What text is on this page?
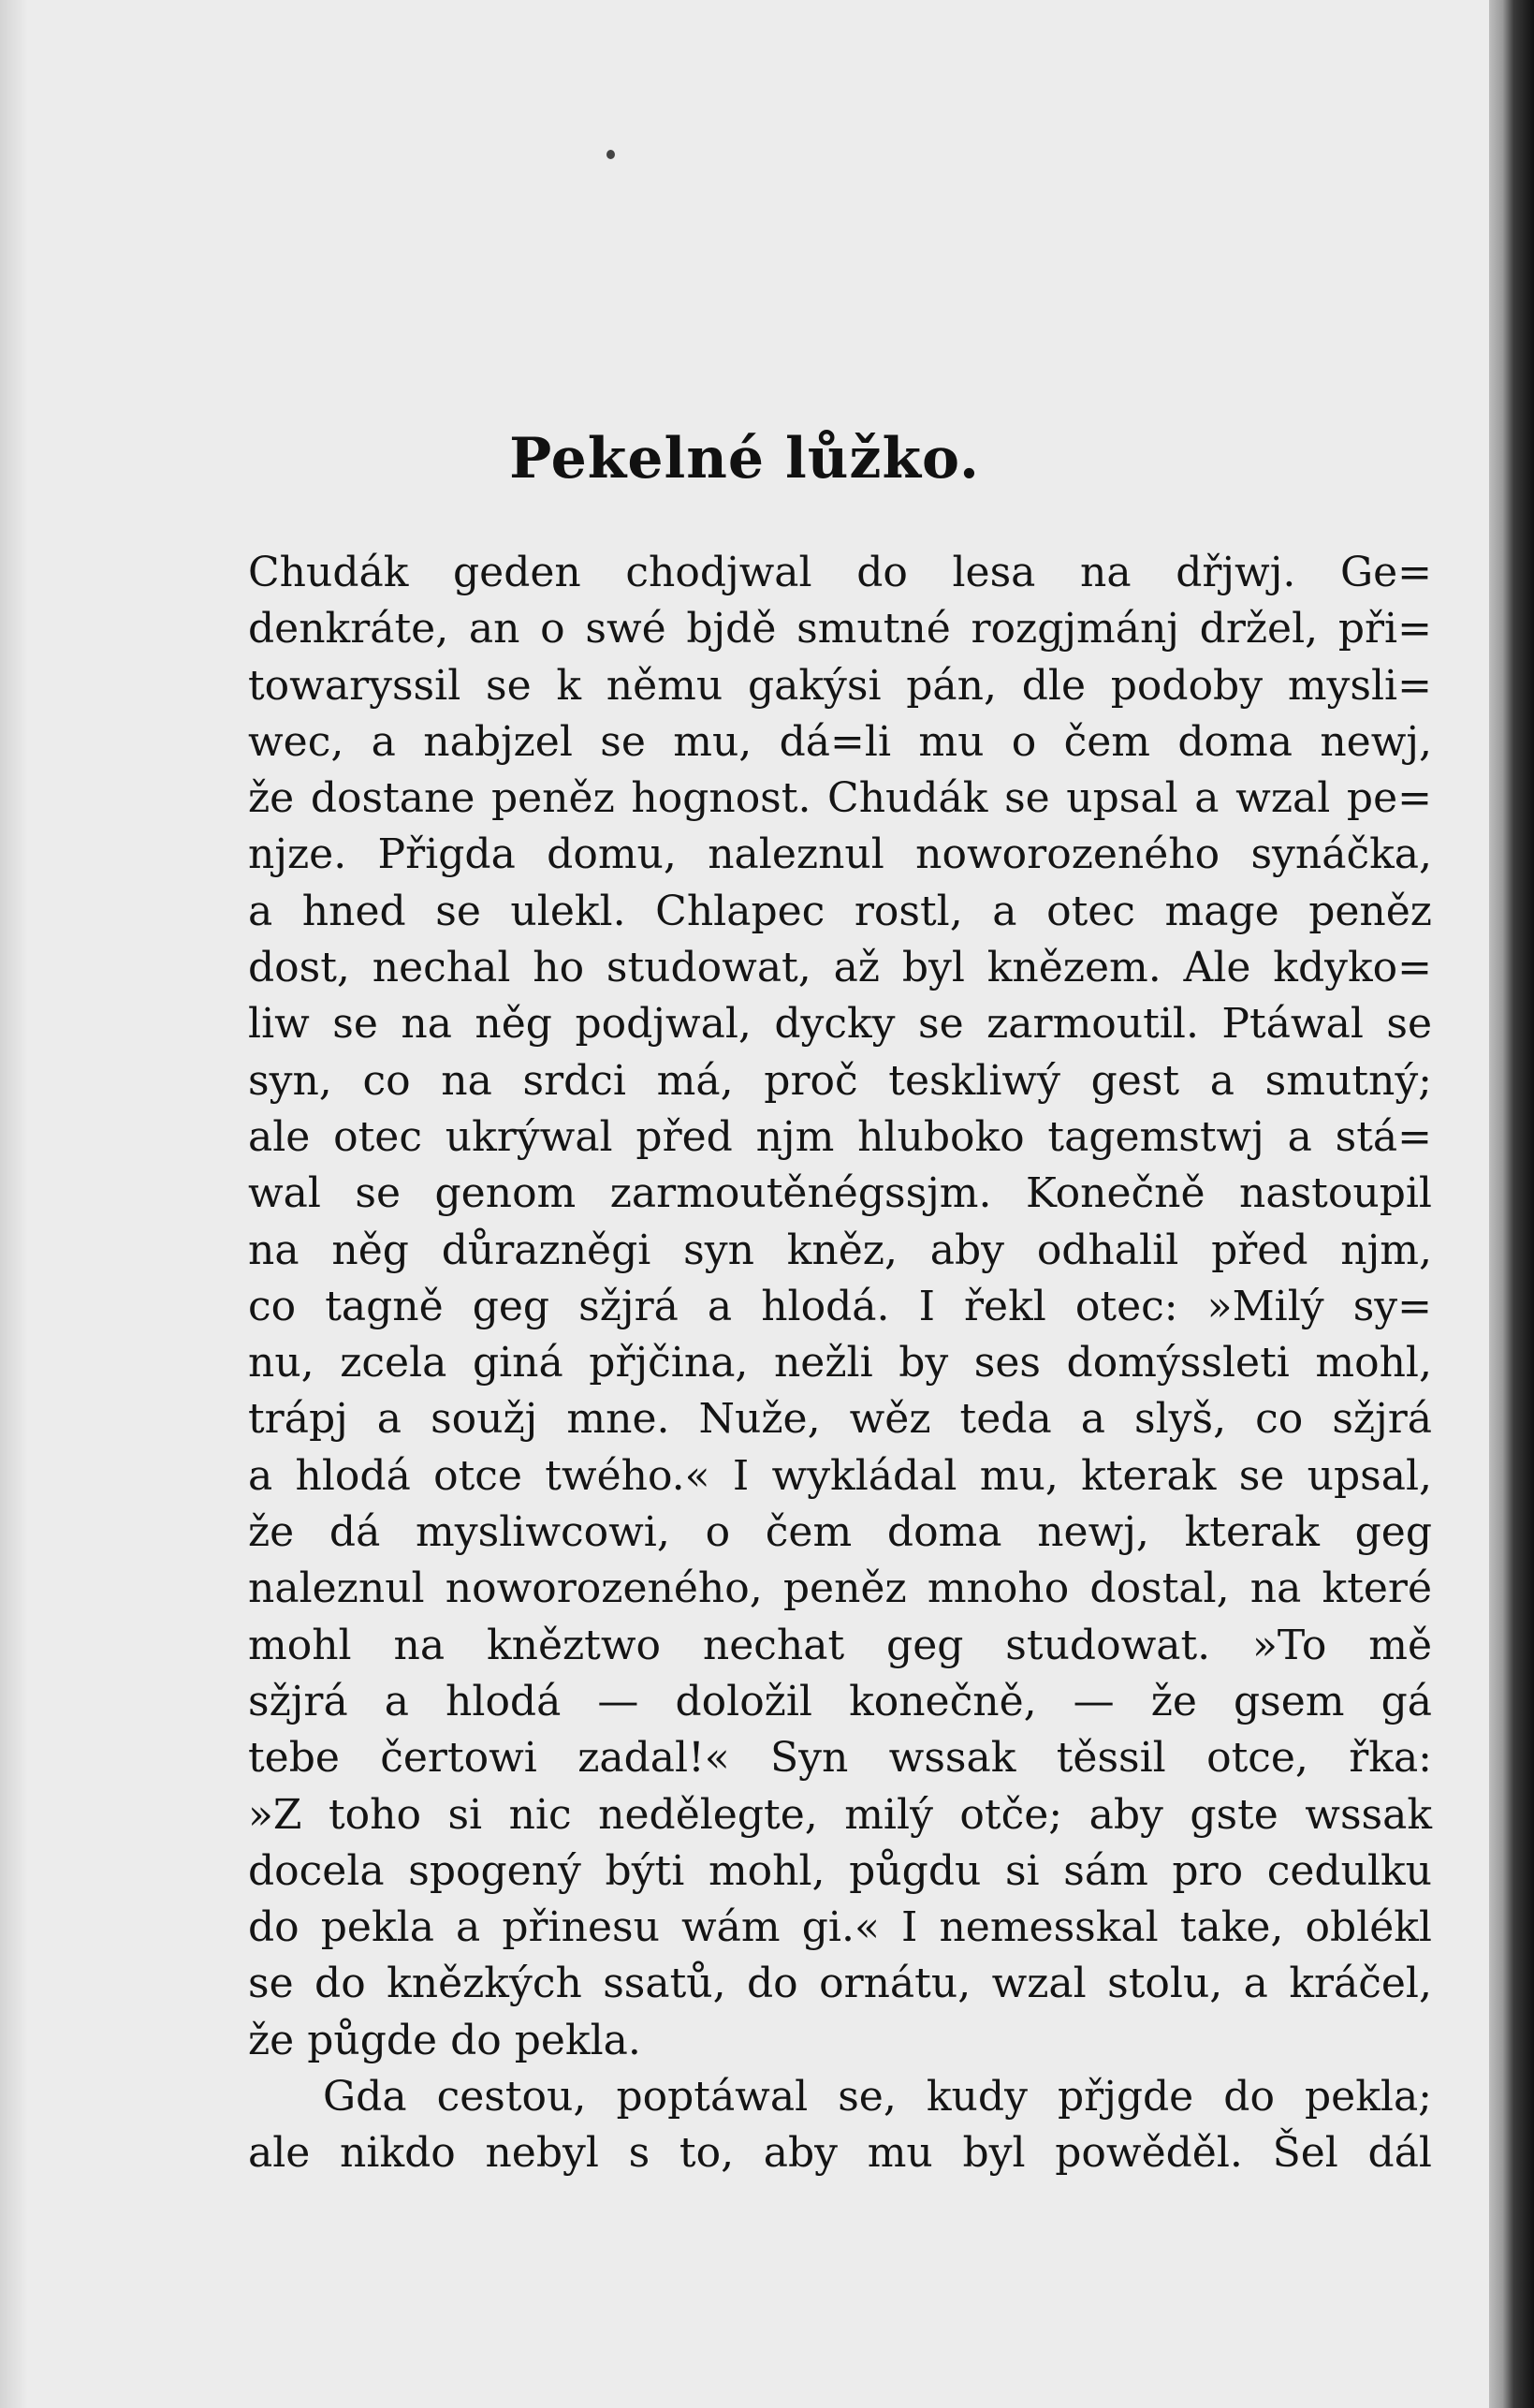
Pekelné lůžko.

Chudák geden chodjwal do lesa na dřjwj. Ge=
denkráte, an o swé bjdě smutné rozgjmánj držel, při=
towaryssil se k němu gakýsi pán, dle podoby mysli=
wec, a nabjzel se mu, dá=li mu o čem doma newj,
že dostane peněz hognost. Chudák se upsal a wzal pe=
njze. Přigda domu, naleznul noworozeného synáčka,
a hned se ulekl. Chlapec rostl, a otec mage peněz
dost, nechal ho studowat, až byl knězem. Ale kdyko=
liw se na něg podjwal, dycky se zarmoutil. Ptáwal se
syn, co na srdci má, proč teskliwý gest a smutný;
ale otec ukrýwal před njm hluboko tagemstwj a stá=
wal se genom zarmoutěnégssjm. Konečně nastoupil
na něg důrazněgi syn kněz, aby odhalil před njm,
co tagně geg sžjrá a hlodá. I řekl otec: »Milý sy=
nu, zcela giná přjčina, nežli by ses domýssleti mohl,
trápj a soužj mne. Nuže, wěz teda a slyš, co sžjrá
a hlodá otce twého.« I wykládal mu, kterak se upsal,
že dá mysliwcowi, o čem doma newj, kterak geg
naleznul noworozeného, peněz mnoho dostal, na které
mohl na kněztwo nechat geg studowat. »To mě
sžjrá a hlodá — doložil konečně, — že gsem gá
tebe čertowi zadal!« Syn wssak těssil otce, řka:
»Z toho si nic nedělegte, milý otče; aby gste wssak
docela spogený býti mohl, půgdu si sám pro cedulku
do pekla a přinesu wám gi.« I nemesskal take, oblékl
se do knězkých ssatů, do ornátu, wzal stolu, a kráčel,
že půgde do pekla.

Gda cestou, poptáwal se, kudy přjgde do pekla;
ale nikdo nebyl s to, aby mu byl powěděl. Šel dál
